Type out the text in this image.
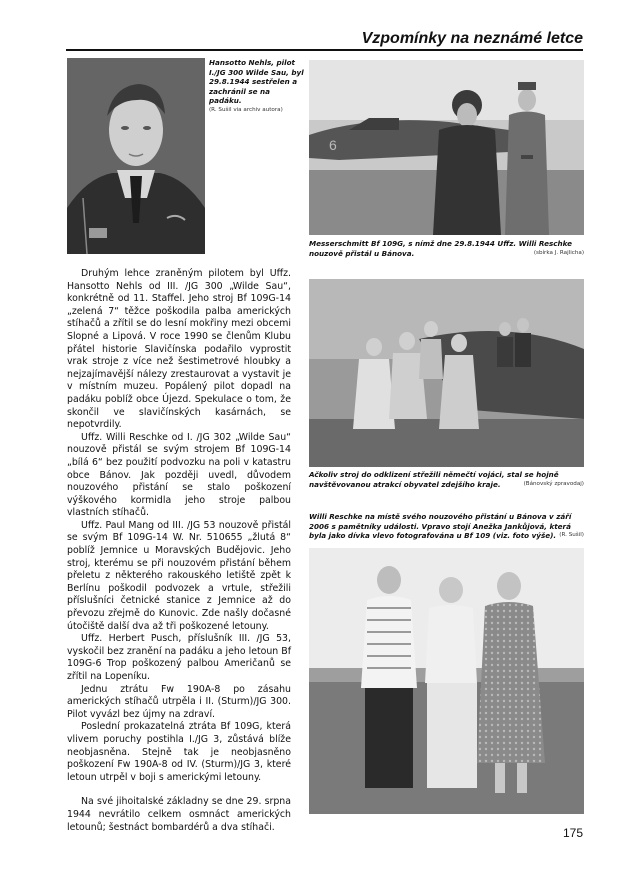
Vzpomínky na neznámé letce
Hansotto Nehls, pilot I./JG 300 Wilde Sau, byl 29.8.1944 sestřelen a zachránil se na padáku.
(R. Sušil via archiv autora)
6
Messerschmitt Bf 109G, s nímž dne 29.8.1944 Uffz. Willi Reschke nouzově přistál u Bánova.	(sbírka J. Rajlicha)
Ačkoliv stroj do odklizení střežili němečtí vojáci, stal se hojně navštěvovanou atrakcí obyvatel zdejšího kraje.	(Bánovský zpravodaj)
Willi Reschke na místě svého nouzového přistání u Bánova v září 2006 s pamětníky události. Vpravo stojí Anežka Jankůjová, která byla jako dívka vlevo fotografována u Bf 109 (viz. foto výše). (R. Sušil)

Druhým lehce zraněným pilotem byl Uffz. Hansotto Nehls od III. /JG 300 „Wilde Sau“, konkrétně od 11. Staffel. Jeho stroj Bf 109G-14 „zelená 7“ těžce poškodila palba amerických stíhačů a zřítil se do lesní mokřiny mezi obcemi Slopné a Lipová. V roce 1990 se členům Klubu přátel historie Slavičínska podařilo vyprostit vrak stroje z více než šestimetrové hloubky a nejzajímavější nálezy zrestaurovat a vystavit je v místním muzeu. Popálený pilot dopadl na padáku poblíž obce Újezd. Spekulace o tom, že skončil ve slavičínských kasárnách, se nepotvrdily.

Uffz. Willi Reschke od I. /JG 302 „Wilde Sau“ nouzově přistál se svým strojem Bf 109G-14 „bílá 6“ bez použití podvozku na poli v katastru obce Bánov. Jak později uvedl, důvodem nouzového přistání se stalo poškození výškového kormidla jeho stroje palbou vlastních stíhačů.

Uffz. Paul Mang od III. /JG 53 nouzově přistál se svým Bf 109G-14 W. Nr. 510655 „žlutá 8“ poblíž Jemnice u Moravských Budějovic. Jeho stroj, kterému se při nouzovém přistání během přeletu z některého rakouského letiště zpět k Berlínu poškodil podvozek a vrtule, střežili příslušníci četnické stanice z Jemnice až do převozu zřejmě do Kunovic. Zde našly dočasné útočiště další dva až tři poškozené letouny.

Uffz. Herbert Pusch, příslušník III. /JG 53, vyskočil bez zranění na padáku a jeho letoun Bf 109G-6 Trop poškozený palbou Američanů se zřítil na Lopeníku.

Jednu ztrátu Fw 190A-8 po zásahu amerických stíhačů utrpěla i II. (Sturm)/JG 300. Pilot vyvázl bez újmy na zdraví.

Poslední prokazatelná ztráta Bf 109G, která vlivem poruchy postihla I./JG 3, zůstává blíže neobjasněna. Stejně tak je neobjasněno poškození Fw 190A-8 od IV. (Sturm)/JG 3, které letoun utrpěl v boji s americkými letouny.

Na své jihoitalské základny se dne 29. srpna 1944 nevrátilo celkem osmnáct amerických letounů; šestnáct bombardérů a dva stíhači.	175
